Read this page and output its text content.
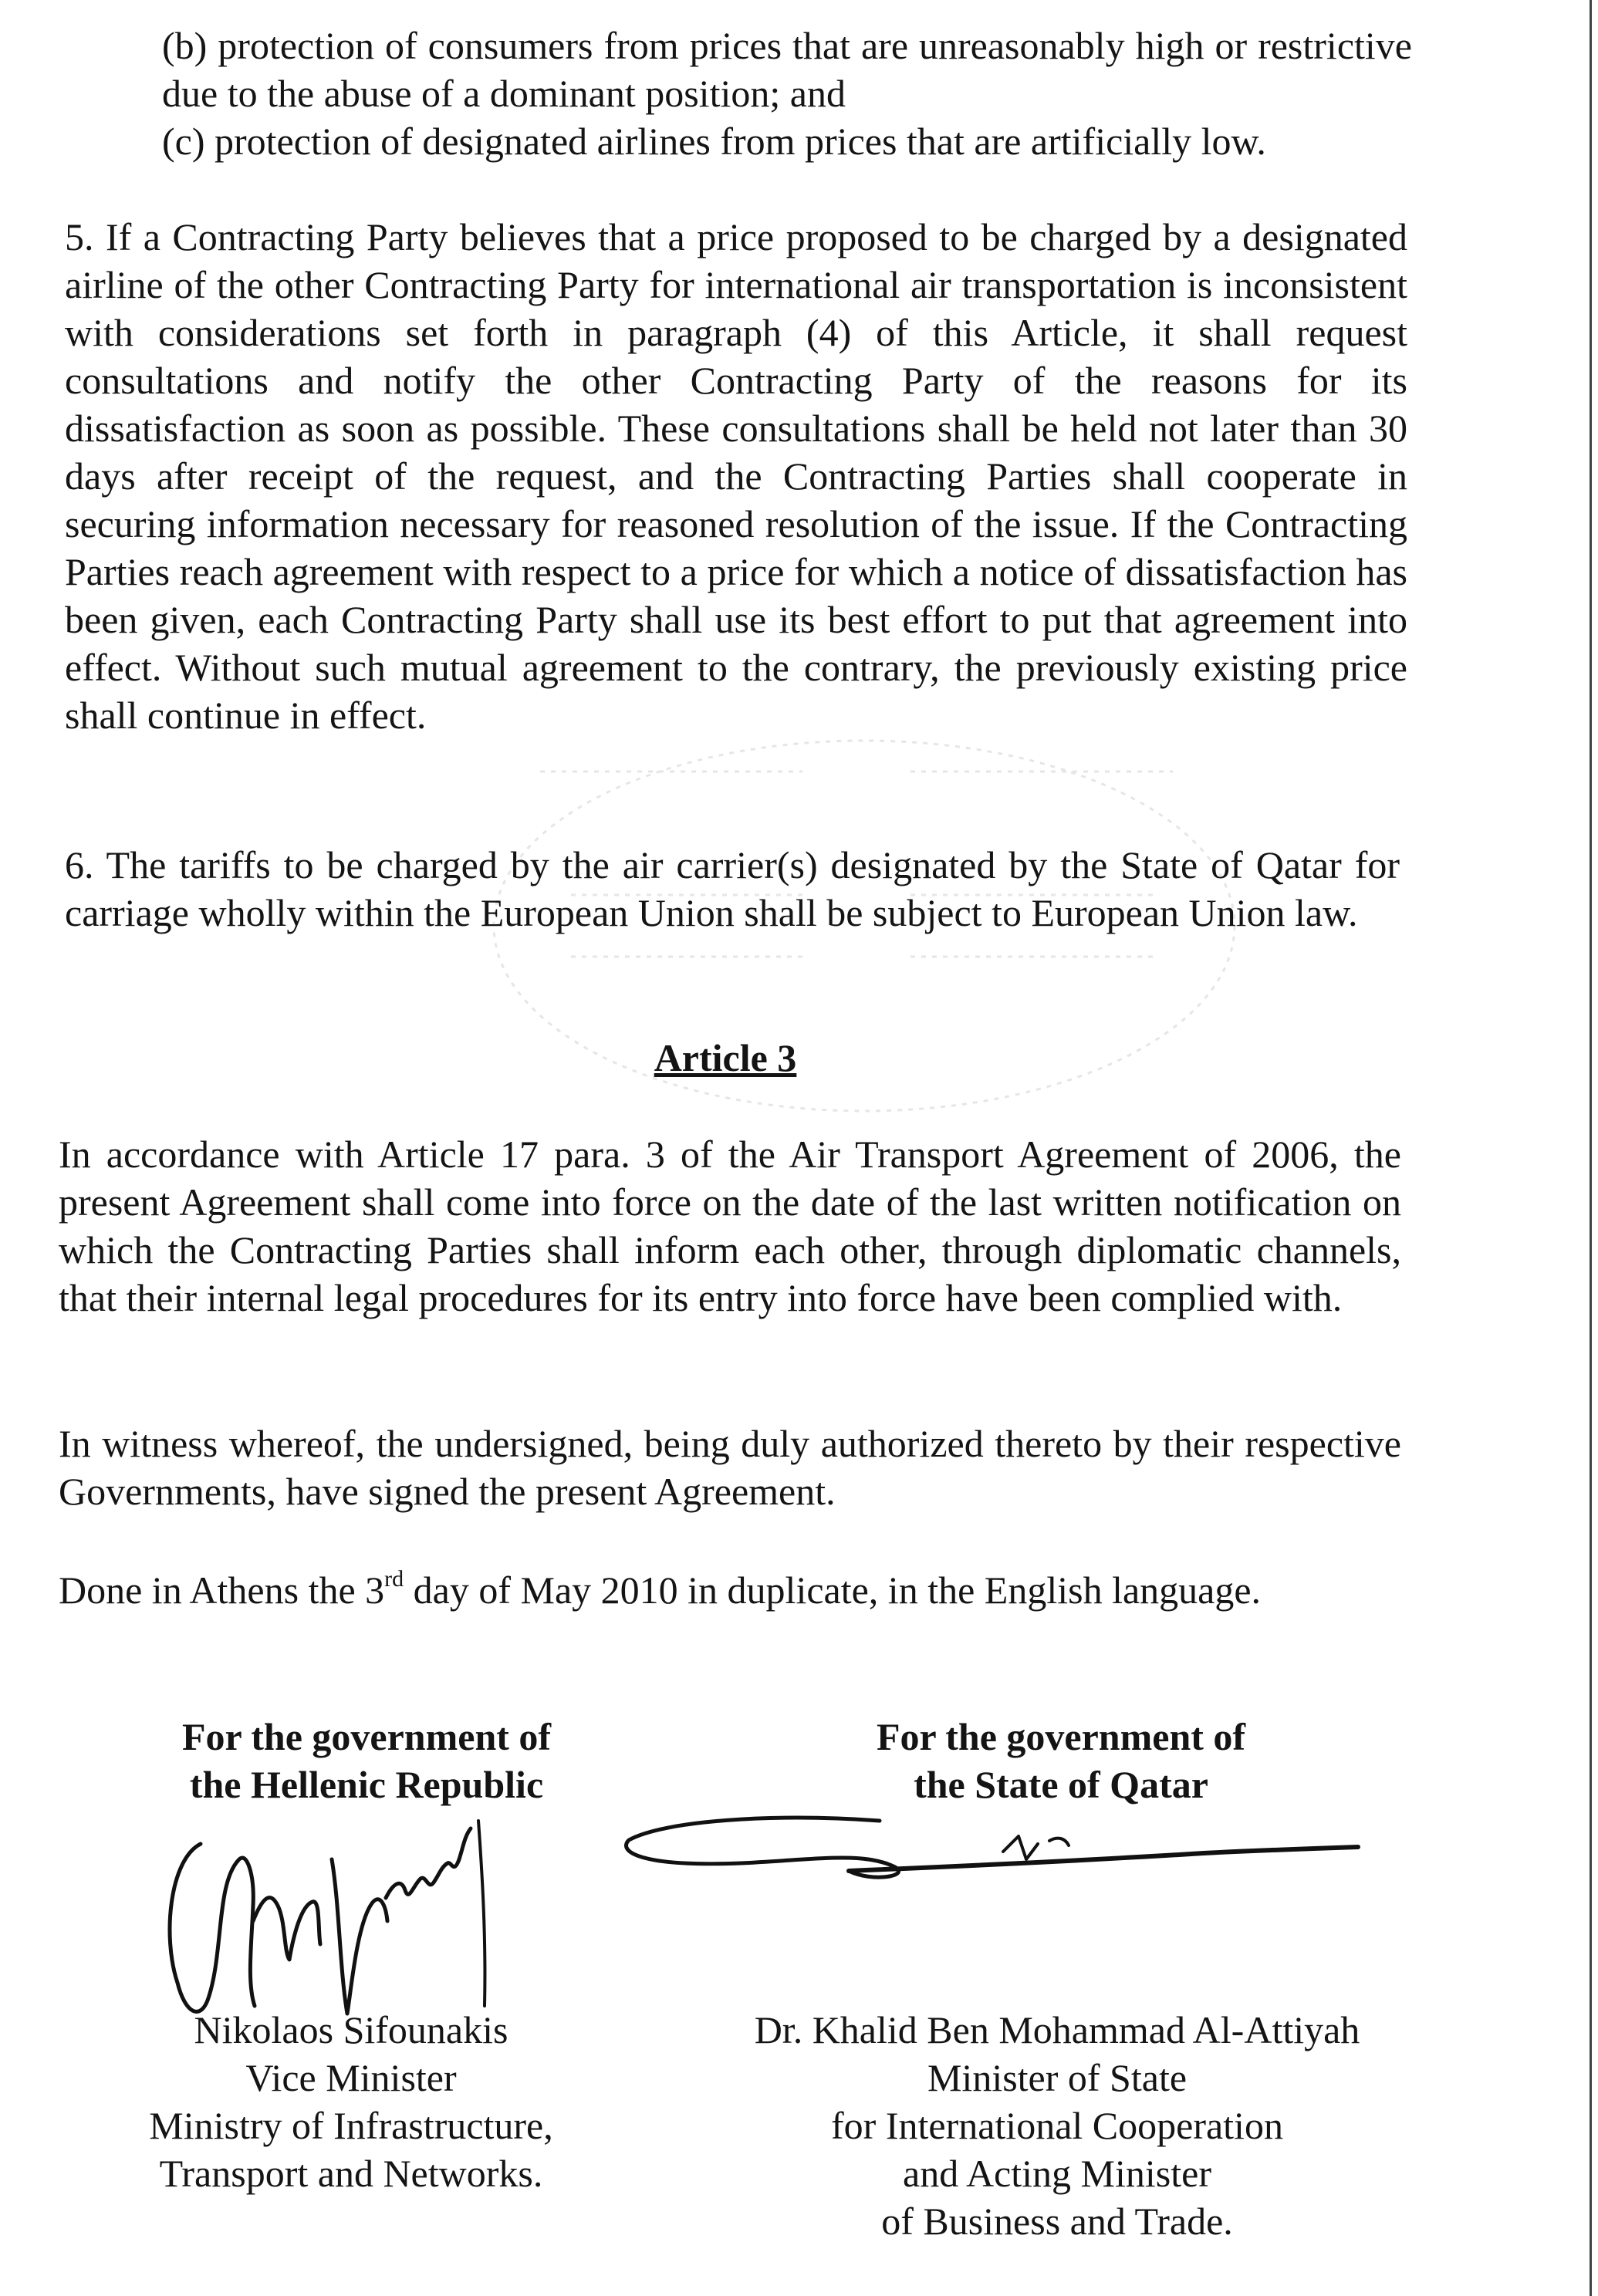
(b) protection of consumers from prices that are unreasonably high or restrictive due to the abuse of a dominant position; and

(c) protection of designated airlines from prices that are artificially low.

5. If a Contracting Party believes that a price proposed to be charged by a designated airline of the other Contracting Party for international air transportation is inconsistent with considerations set forth in paragraph (4) of this Article, it shall request consultations and notify the other Contracting Party of the reasons for its dissatisfaction as soon as possible. These consultations shall be held not later than 30 days after receipt of the request, and the Contracting Parties shall cooperate in securing information necessary for reasoned resolution of the issue. If the Contracting Parties reach agreement with respect to a price for which a notice of dissatisfaction has been given, each Contracting Party shall use its best effort to put that agreement into effect. Without such mutual agreement to the contrary, the previously existing price shall continue in effect.

6. The tariffs to be charged by the air carrier(s) designated by the State of Qatar for carriage wholly within the European Union shall be subject to European Union law.

Article 3

In accordance with Article 17 para. 3 of the Air Transport Agreement of 2006, the present Agreement shall come into force on the date of the last written notification on which the Contracting Parties shall inform each other, through diplomatic channels, that their internal legal procedures for its entry into force have been complied with.

In witness whereof, the undersigned, being duly authorized thereto by their respective Governments, have signed the present Agreement.

Done in Athens the 3rd day of May 2010 in duplicate, in the English language.

For the government of

the Hellenic Republic

For the government of

the State of Qatar

Nikolaos Sifounakis

Vice Minister

Ministry of Infrastructure,

Transport and Networks.

Dr. Khalid Ben Mohammad Al-Attiyah

Minister of State

for International Cooperation

and Acting Minister

of Business and Trade.
